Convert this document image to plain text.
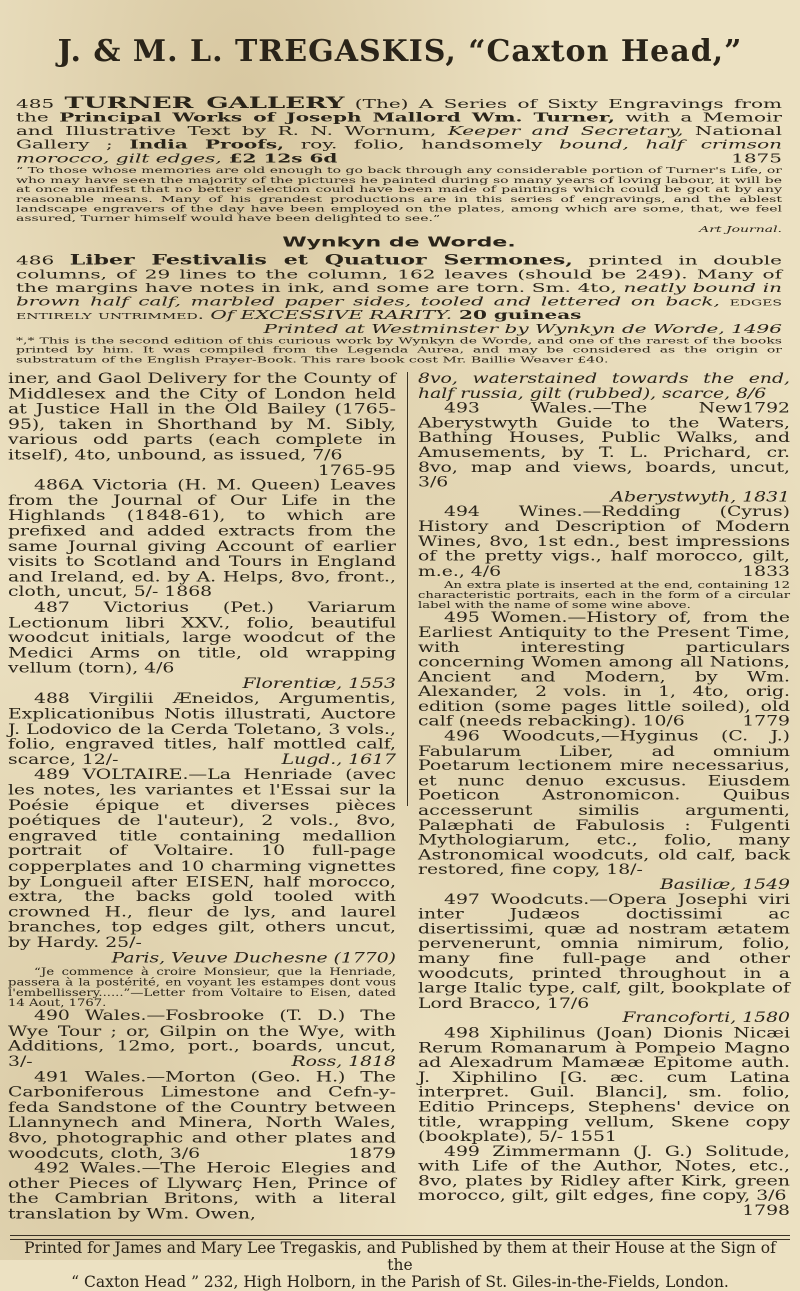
J. & M. L. TREGASKIS, “Caxton Head,”

485 TURNER GALLERY (The) A Series of Sixty Engravings from the Principal Works of Joseph Mallord Wm. Turner, with a Memoir and Illustrative Text by R. N. Wornum, Keeper and Secretary, National Gallery ; India Proofs, roy. folio, handsomely bound, half crimson morocco, gilt edges, £2 12s 6d	1875

“ To those whose memories are old enough to go back through any considerable portion of Turner's Life, or who may have seen the majority of the pictures he painted during so many years of loving labour, it will be at once manifest that no better selection could have been made of paintings which could be got at by any reasonable means. Many of his grandest productions are in this series of engravings, and the ablest landscape engravers of the day have been employed on the plates, among which are some, that, we feel assured, Turner himself would have been delighted to see.”

Art Journal.

Wynkyn de Worde.

486 Liber Festivalis et Quatuor Sermones, printed in double columns, of 29 lines to the column, 162 leaves (should be 249). Many of the margins have notes in ink, and some are torn. Sm. 4to, neatly bound in brown half calf, marbled paper sides, tooled and lettered on back, edges entirely untrimmed. Of EXCESSIVE RARITY. 20 guineas

Printed at Westminster by Wynkyn de Worde, 1496

*,* This is the second edition of this curious work by Wynkyn de Worde, and one of the rarest of the books printed by him. It was compiled from the Legenda Aurea, and may be considered as the origin or substratum of the English Prayer-Book. This rare book cost Mr. Baillie Weaver £40.

iner, and Gaol Delivery for the County of Middlesex and the City of London held at Justice Hall in the Old Bailey (1765-95), taken in Shorthand by M. Sibly, various odd parts (each complete in itself), 4to, unbound, as issued, 7/6

1765-95

486A Victoria (H. M. Queen) Leaves from the Journal of Our Life in the Highlands (1848-61), to which are prefixed and added extracts from the same Journal giving Account of earlier visits to Scotland and Tours in England and Ireland, ed. by A. Helps, 8vo, front., cloth, uncut, 5/- 1868

487 Victorius (Pet.) Variarum Lectionum libri XXV., folio, beautiful woodcut initials, large woodcut of the Medici Arms on title, old wrapping vellum (torn), 4/6

Florentiæ, 1553

488 Virgilii Æneidos, Argumentis, Explicationibus Notis illustrati, Auctore J. Lodovico de la Cerda Toletano, 3 vols., folio, engraved titles, half mottled calf, scarce, 12/-	Lugd., 1617

489 VOLTAIRE.—La Henriade (avec les notes, les variantes et l'Essai sur la Poésie épique et diverses pièces poétiques de l'auteur), 2 vols., 8vo, engraved title containing medallion portrait of Voltaire. 10 full-page copperplates and 10 charming vignettes by Longueil after EISEN, half morocco, extra, the backs gold tooled with crowned H., fleur de lys, and laurel branches, top edges gilt, others uncut, by Hardy. 25/-

Paris, Veuve Duchesne (1770)

“Je commence à croire Monsieur, que la Henriade, passera à la postérité, en voyant les estampes dont vous l'embellissery......”—Letter from Voltaire to Eisen, dated 14 Aout, 1767.

490 Wales.—Fosbrooke (T. D.) The Wye Tour ; or, Gilpin on the Wye, with Additions, 12mo, port., boards, uncut, 3/-	Ross, 1818

491 Wales.—Morton (Geo. H.) The Carboniferous Limestone and Cefn-y-feda Sandstone of the Country between Llannynech and Minera, North Wales, 8vo, photographic and other plates and woodcuts, cloth, 3/6	1879

492 Wales.—The Heroic Elegies and other Pieces of Llywarç Hen, Prince of the Cambrian Britons, with a literal translation by Wm. Owen,

8vo, waterstained towards the end, half russia, gilt (rubbed), scarce, 8/6
1792

493 Wales.—The New Aberystwyth Guide to the Waters, Bathing Houses, Public Walks, and Amusements, by T. L. Prichard, cr. 8vo, map and views, boards, uncut, 3/6

Aberystwyth, 1831

494 Wines.—Redding (Cyrus) History and Description of Modern Wines, 8vo, 1st edn., best impressions of the pretty vigs., half morocco, gilt, m.e., 4/6	1833

An extra plate is inserted at the end, containing 12 characteristic portraits, each in the form of a circular label with the name of some wine above.

495 Women.—History of, from the Earliest Antiquity to the Present Time, with interesting particulars concerning Women among all Nations, Ancient and Modern, by Wm. Alexander, 2 vols. in 1, 4to, orig. edition (some pages little soiled), old calf (needs rebacking). 10/6	1779

496 Woodcuts,—Hyginus (C. J.) Fabularum Liber, ad omnium Poetarum lectionem mire necessarius, et nunc denuo excusus. Eiusdem Poeticon Astronomicon. Quibus accesserunt similis argumenti, Palæphati de Fabulosis : Fulgenti Mythologiarum, etc., folio, many Astronomical woodcuts, old calf, back restored, fine copy, 18/-

Basiliæ, 1549

497 Woodcuts.—Opera Josephi viri inter Judæos doctissimi ac disertissimi, quæ ad nostram ætatem pervenerunt, omnia nimirum, folio, many fine full-page and other woodcuts, printed throughout in a large Italic type, calf, gilt, bookplate of Lord Bracco, 17/6

Francoforti, 1580

498 Xiphilinus (Joan) Dionis Nicæi Rerum Romanarum à Pompeio Magno ad Alexadrum Mamææ Epitome auth. J. Xiphilino [G. æc. cum Latina interpret. Guil. Blanci], sm. folio, Editio Princeps, Stephens' device on title, wrapping vellum, Skene copy (bookplate), 5/- 1551

499 Zimmermann (J. G.) Solitude, with Life of the Author, Notes, etc., 8vo, plates by Ridley after Kirk, green morocco, gilt, gilt edges, fine copy, 3/6
1798

Printed for James and Mary Lee Tregaskis, and Published by them at their House at the Sign of the

“ Caxton Head ” 232, High Holborn, in the Parish of St. Giles-in-the-Fields, London.
